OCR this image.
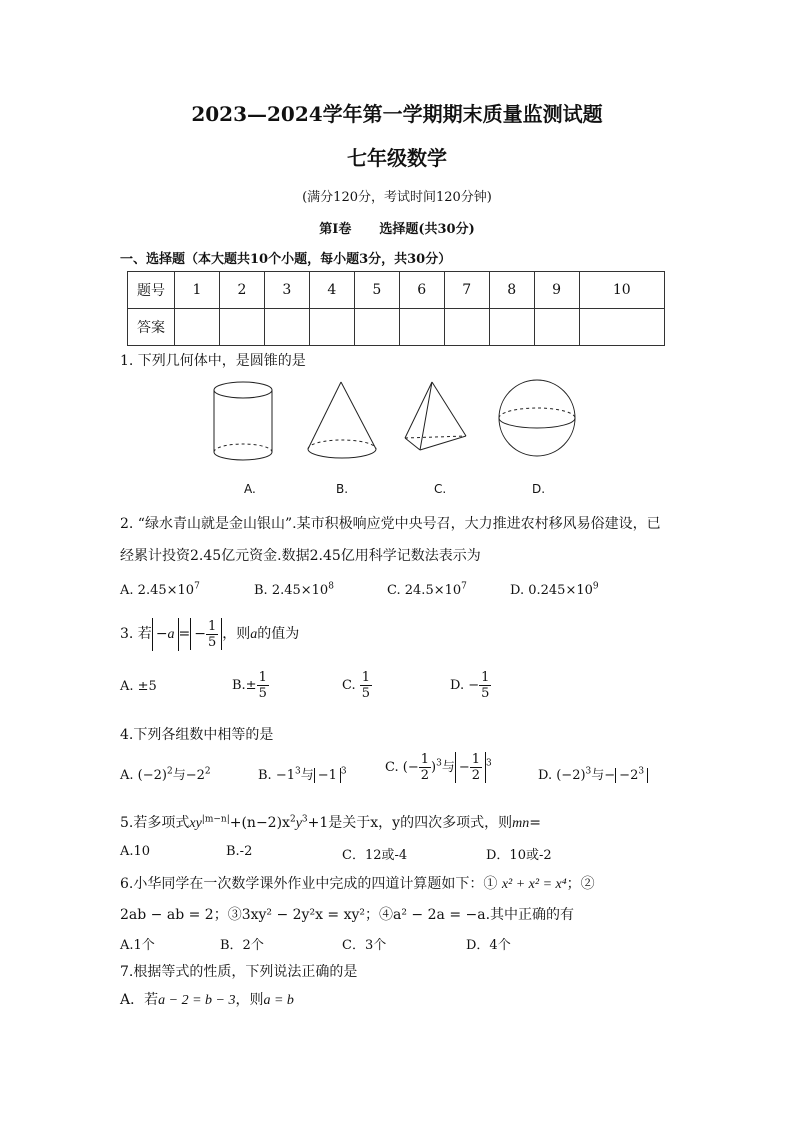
2023—2024学年第一学期期末质量监测试题
七年级数学
(满分120分，考试时间120分钟)
第Ⅰ卷 选择题(共30分)
一、选择题（本大题共10个小题，每小题3分，共30分）
题号	1	2	3	4	5	6	7	8	9	10
答案										
1. 下列几何体中，是圆锥的是
A.	B.	C.	D.
2. “绿水青山就是金山银山”.某市积极响应党中央号召，大力推进农村移风易俗建设，已
经累计投资2.45亿元资金.数据2.45亿用科学记数法表示为
A. $2.45\times 10^7$	B. $2.45\times 10^8$	C. $24.5\times 10^7$	D. $0.245\times 10^9$
3. 若 −a = − $\frac{1}{5}$ ，则a的值为
A. ±5	$B.\pm \frac{1}{5}$	C. $\frac{1}{5}$	D. − $\frac{1}{5}$
4.下列各组数中相等的是
A. $(-2)^2$与$-2^2$	B. $-1^3$与 −1 $^3$	C. (− $\frac{1}{2} )^3$与 − $\frac{1}{2} ^3$
D. $(-2)^3$与− $-2^3$
5.若多项式$xy^{|m-n|}+(n-2)x^2y^3+1$是关于x，y的四次多项式，则mn=
A.10	B.-2	C．12或-4	D．10或-2
6.小华同学在一次数学课外作业中完成的四道计算题如下：① x² + x² = x⁴；②
2ab − ab = 2；③3xy² − 2y²x = xy²；④a² − 2a = −a.其中正确的有
A.1个	B．2个	C．3个	D．4个
7.根据等式的性质，下列说法正确的是
A．若a − 2 = b − 3，则a = b
